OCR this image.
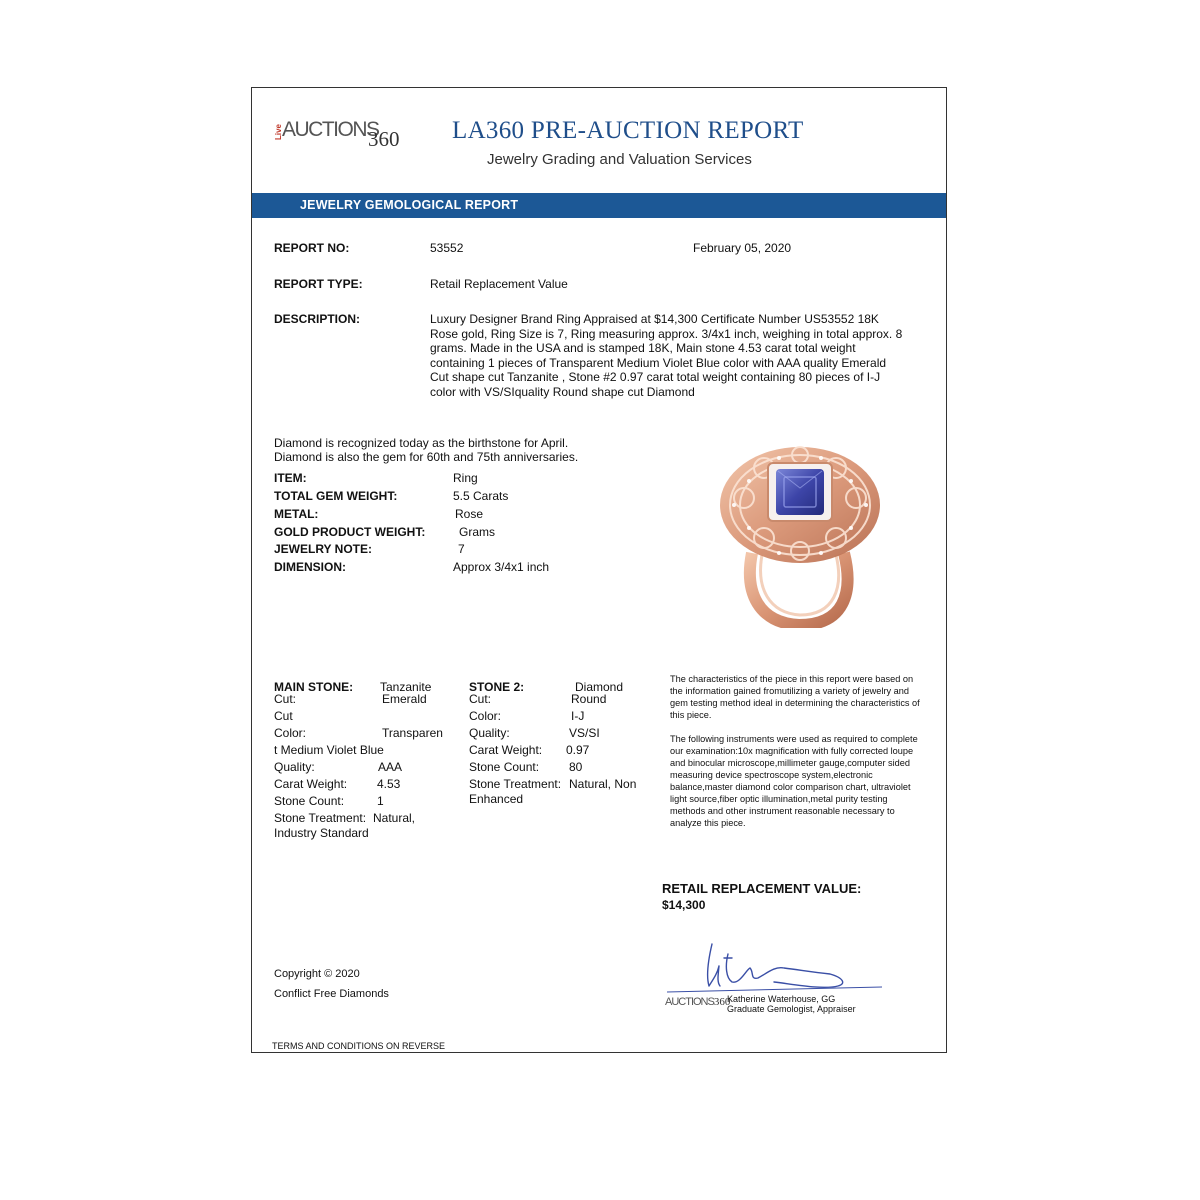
Live AUCTIONS
360 LA360 PRE-AUCTION REPORT
Jewelry Grading and Valuation Services
JEWELRY GEMOLOGICAL REPORT
REPORT NO:	53552	February 05, 2020
REPORT TYPE:	Retail Replacement Value
DESCRIPTION:	Luxury Designer Brand Ring Appraised at $14,300 Certificate Number US53552 18K Rose gold, Ring Size is 7, Ring measuring approx. 3/4x1 inch, weighing in total approx. 8 grams. Made in the USA and is stamped 18K, Main stone 4.53 carat total weight containing 1 pieces of Transparent Medium Violet Blue color with AAA quality Emerald Cut shape cut Tanzanite , Stone #2 0.97 carat total weight containing 80 pieces of I-J color with VS/SIquality Round shape cut Diamond
Diamond is recognized today as the birthstone for April.
Diamond is also the gem for 60th and 75th anniversaries.
ITEM:	Ring
TOTAL GEM WEIGHT:	5.5 Carats
METAL:	Rose
GOLD PRODUCT WEIGHT:	Grams
JEWELRY NOTE:	7
DIMENSION:	Approx 3/4x1 inch
MAIN STONE: Tanzanite
Cut:	Emerald
Cut
Color:	Transparen
t Medium Violet Blue
Quality:	AAA
Carat Weight: 4.53
Stone Count:	1
Stone Treatment: Natural,
Industry Standard
STONE 2:	Diamond
Cut:	Round
Color:	I-J
Quality:	VS/SI
Carat Weight: 0.97
Stone Count: 80
Stone Treatment: Natural, Non
Enhanced
The characteristics of the piece in this report were based on the information gained fromutilizing a variety of jewelry and gem testing method ideal in determining the characteristics of this piece.
The following instruments were used as required to complete our examination:10x magnification with fully corrected loupe and binocular microscope,millimeter gauge,computer sided measuring device spectroscope system,electronic balance,master diamond color comparison chart, ultraviolet light source,fiber optic illumination,metal purity testing methods and other instrument reasonable necessary to analyze this piece.
RETAIL REPLACEMENT VALUE:
$14,300
AUCTIONS360
Katherine Waterhouse, GG
Graduate Gemologist, Appraiser
Copyright © 2020
Conflict Free Diamonds
TERMS AND CONDITIONS ON REVERSE
